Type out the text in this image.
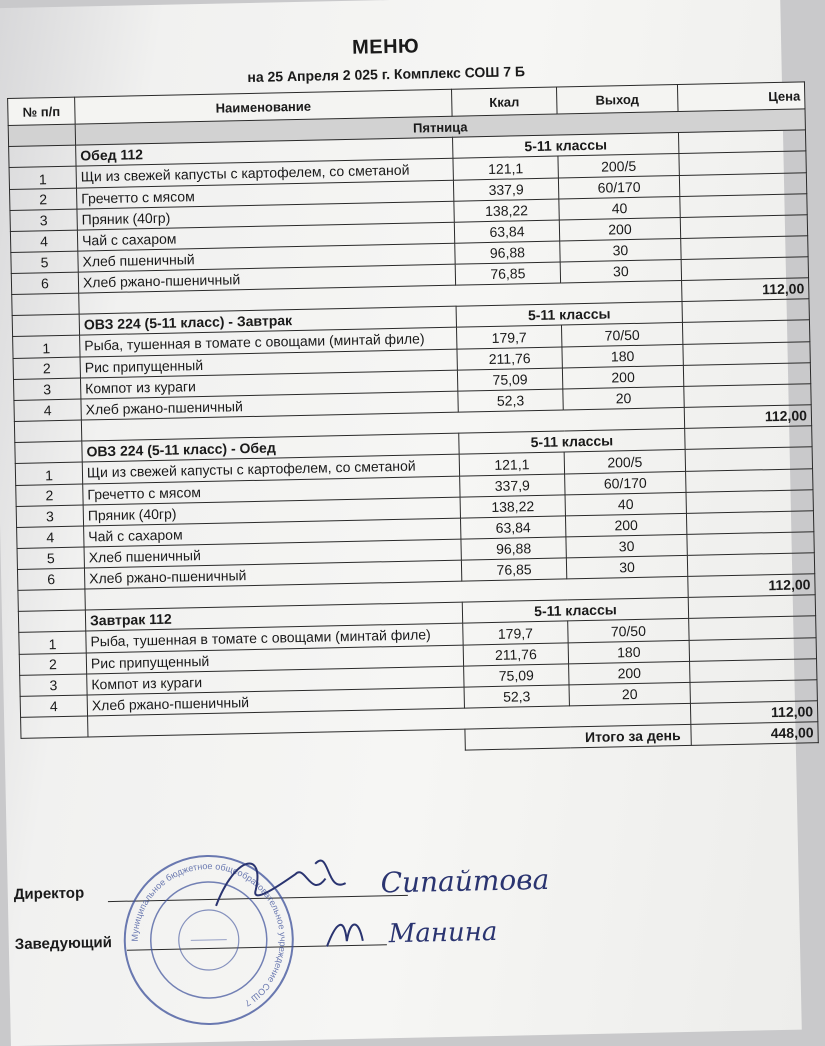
МЕНЮ
на 25 Апреля 2 025 г. Комплекс СОШ 7 Б
№ п/п	Наименование	Ккал	Выход	Цена
	Пятница			
	Обед 112	5-11 классы		
1	Щи из свежей капусты с картофелем, со сметаной	121,1	200/5	
2	Гречетто с мясом	337,9	60/170	
3	Пряник (40гр)	138,22	40	
4	Чай с сахаром	63,84	200	
5	Хлеб пшеничный	96,88	30	
6	Хлеб ржано-пшеничный	76,85	30	
				112,00
	ОВЗ 224 (5-11 класс) - Завтрак	5-11 классы		
1	Рыба, тушенная в томате с овощами (минтай филе)	179,7	70/50	
2	Рис припущенный	211,76	180	
3	Компот из кураги	75,09	200	
4	Хлеб ржано-пшеничный	52,3	20	
				112,00
	ОВЗ 224 (5-11 класс) - Обед	5-11 классы		
1	Щи из свежей капусты с картофелем, со сметаной	121,1	200/5	
2	Гречетто с мясом	337,9	60/170	
3	Пряник (40гр)	138,22	40	
4	Чай с сахаром	63,84	200	
5	Хлеб пшеничный	96,88	30	
6	Хлеб ржано-пшеничный	76,85	30	
				112,00
	Завтрак 112	5-11 классы		
1	Рыба, тушенная в томате с овощами (минтай филе)	179,7	70/50	
2	Рис припущенный	211,76	180	
3	Компот из кураги	75,09	200	
4	Хлеб ржано-пшеничный	52,3	20	
				112,00
		Итого за день		448,00
Директор
Заведующий Муниципальное бюджетное общеобразовательное учреждение СОШ 7
Сипайтова
Манина
